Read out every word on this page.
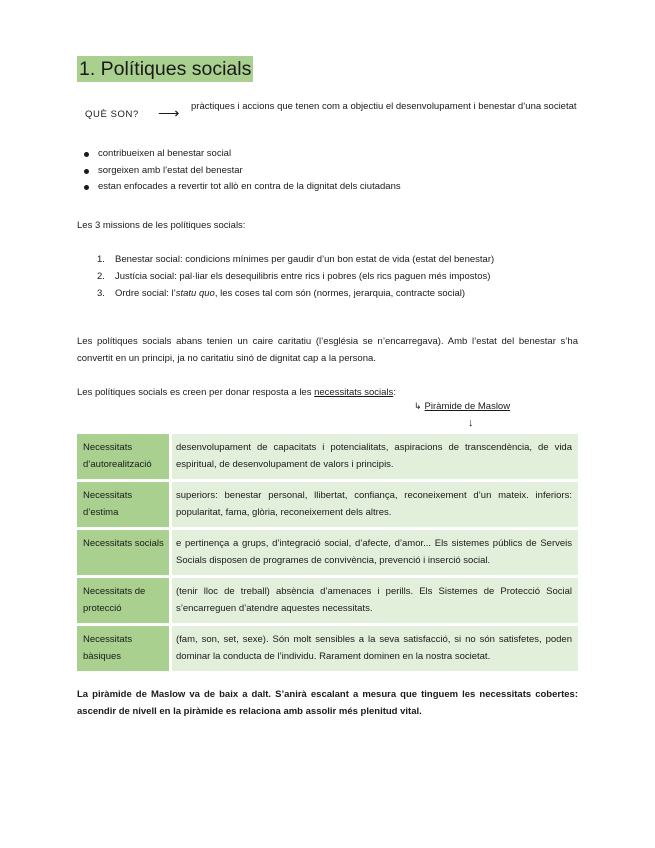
1. Polítiques socials
QUÈ SON? ⟶ pràctiques i accions que tenen com a objectiu el desenvolupament i benestar d’una societat
contribueixen al benestar social
sorgeixen amb l’estat del benestar
estan enfocades a revertir tot allò en contra de la dignitat dels ciutadans
Les 3 missions de les polítiques socials:
1. Benestar social: condicions mínimes per gaudir d’un bon estat de vida (estat del benestar)
2. Justícia social: pal·liar els desequilibris entre rics i pobres (els rics paguen més impostos)
3. Ordre social: l’statu quo, les coses tal com són (normes, jerarquia, contracte social)
Les polítiques socials abans tenien un caire caritatiu (l’església se n’encarregava). Amb l’estat del benestar s’ha convertit en un principi, ja no caritatiu sinó de dignitat cap a la persona.
Les polítiques socials es creen per donar resposta a les necessitats socials:
↳ Piràmide de Maslow
↓
Necessitats d’autorealització	desenvolupament de capacitats i potencialitats, aspiracions de transcendència, de vida espiritual, de desenvolupament de valors i principis.
Necessitats d’estima	superiors: benestar personal, llibertat, confiança, reconeixement d’un mateix. inferiors: popularitat, fama, glòria, reconeixement dels altres.
Necessitats socials	e pertinença a grups, d’integració social, d’afecte, d’amor... Els sistemes públics de Serveis Socials disposen de programes de convivència, prevenció i inserció social.
Necessitats de protecció	(tenir lloc de treball) absència d’amenaces i perills. Els Sistemes de Protecció Social s’encarreguen d’atendre aquestes necessitats.
Necessitats bàsiques	(fam, son, set, sexe). Són molt sensibles a la seva satisfacció, si no són satisfetes, poden dominar la conducta de l’individu. Rarament dominen en la nostra societat.
La piràmide de Maslow va de baix a dalt. S’anirà escalant a mesura que tinguem les necessitats cobertes: ascendir de nivell en la piràmide es relaciona amb assolir més plenitud vital.
